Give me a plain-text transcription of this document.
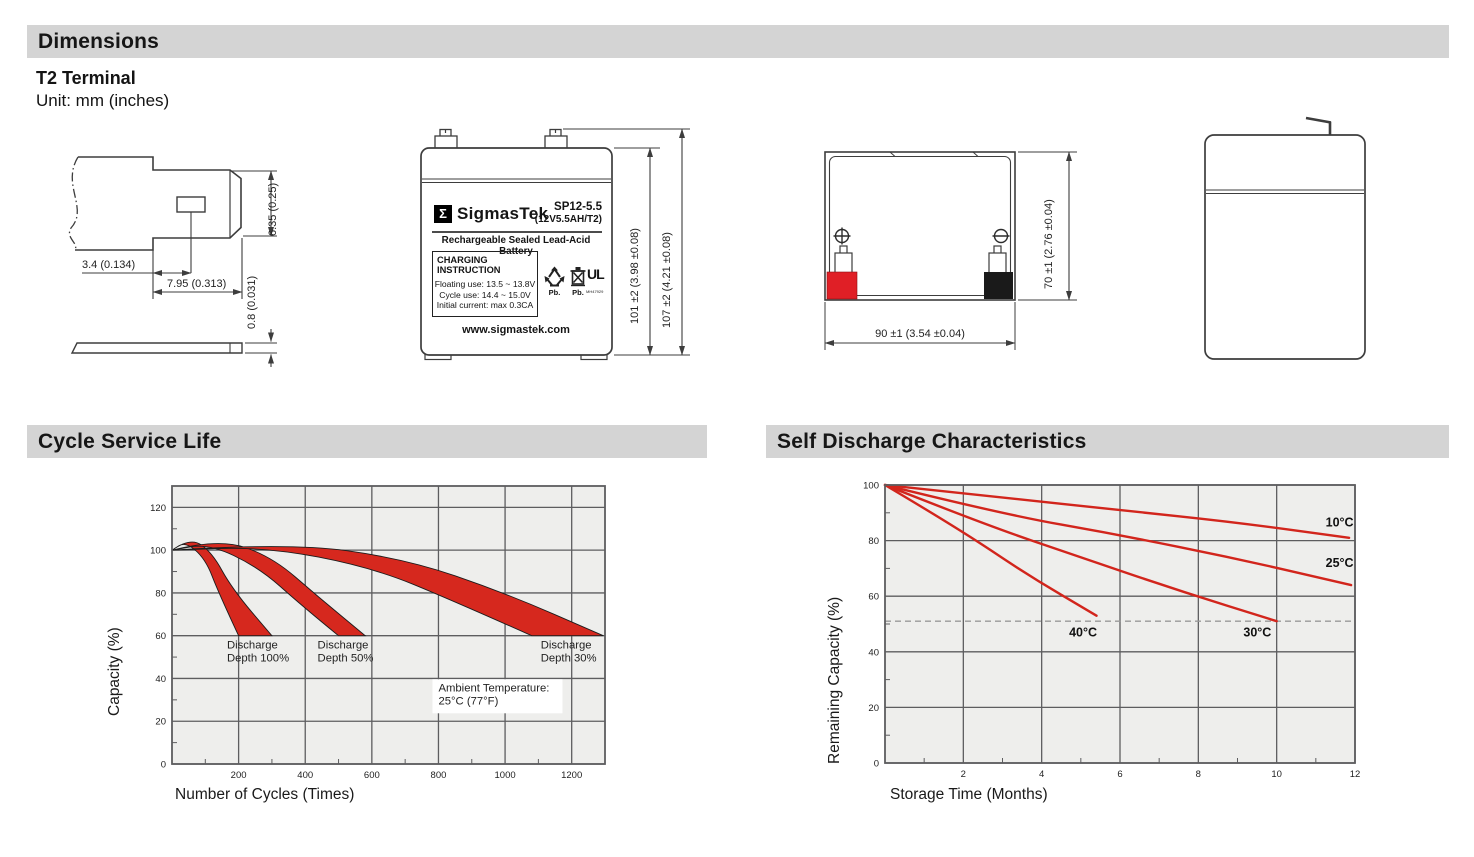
Dimensions
T2 Terminal
Unit: mm (inches)
3.4 (0.134)
7.95 (0.313)
6.35 (0.25)
0.8 (0.031)
Σ SigmasTek SP12-5.5
(12V5.5AH/T2)
Rechargeable Sealed Lead-Acid Battery
CHARGING INSTRUCTION
Floating use: 13.5 ~ 13.8V
Cycle use: 14.4 ~ 15.0V
Initial current: max 0.3CA
Pb.	Pb.
UL
MH47929
www.sigmastek.com
101 ±2 (3.98 ±0.08) 107 ±2 (4.21 ±0.08)
90 ±1 (3.54 ±0.04)
70 ±1 (2.76 ±0.04)
Cycle Service Life	Self Discharge Characteristics
200	400	600	800	1000	1200
0
20
40
60
80
100
120
Discharge
Depth 100%
Discharge
Depth 50%
Discharge
Depth 30%
Ambient Temperature:
25°C (77°F)
Number of Cycles (Times)
Capacity (%)
10°C
25°C
30°C
40°C
2	4	6	8	10	12
0
20
40
60
80
100
Storage Time (Months)
Remaining Capacity (%)
